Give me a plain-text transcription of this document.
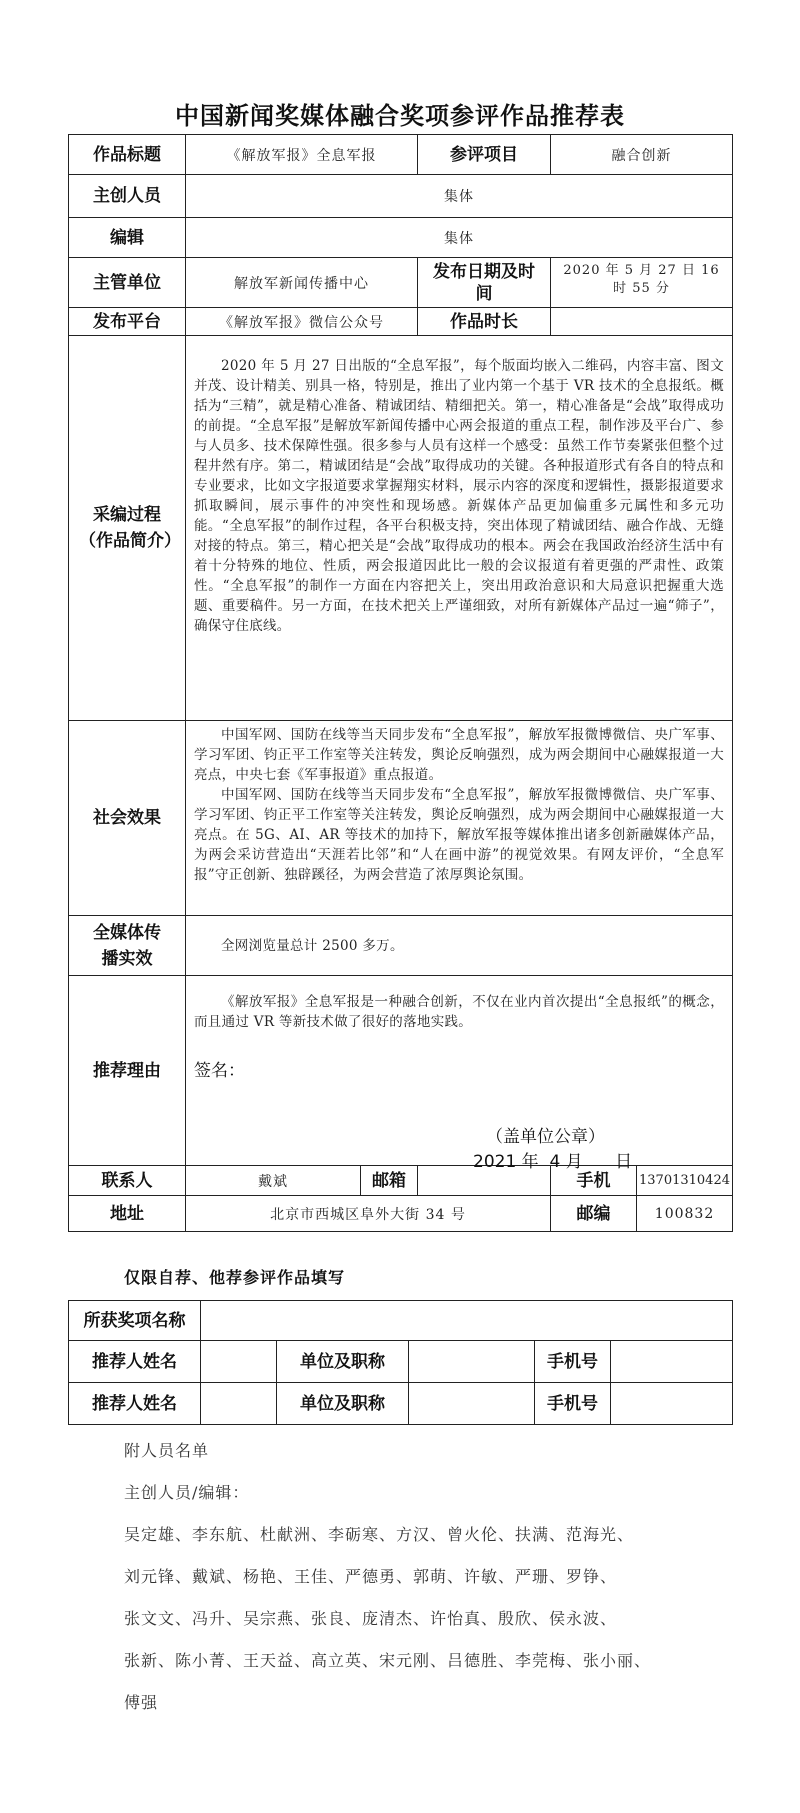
中国新闻奖媒体融合奖项参评作品推荐表
作品标题	《解放军报》全息军报		参评项目	融合创新	
主创人员	集体				
编辑	集体				
主管单位	解放军新闻传播中心		发布日期及时间	2020 年 5 月 27 日 16 时 55 分	
发布平台	《解放军报》微信公众号		作品时长		
采编过程（作品简介）	2020 年 5 月 27 日出版的“全息军报”，每个版面均嵌入二维码，内容丰富、图文并茂、设计精美、别具一格，特别是，推出了业内第一个基于 VR 技术的全息报纸。概括为“三精”，就是精心准备、精诚团结、精细把关。第一，精心准备是“会战”取得成功的前提。“全息军报”是解放军新闻传播中心两会报道的重点工程，制作涉及平台广、参与人员多、技术保障性强。很多参与人员有这样一个感受：虽然工作节奏紧张但整个过程井然有序。第二，精诚团结是“会战”取得成功的关键。各种报道形式有各自的特点和专业要求，比如文字报道要求掌握翔实材料，展示内容的深度和逻辑性，摄影报道要求抓取瞬间，展示事件的冲突性和现场感。新媒体产品更加偏重多元属性和多元功能。“全息军报”的制作过程，各平台积极支持，突出体现了精诚团结、融合作战、无缝对接的特点。第三，精心把关是“会战”取得成功的根本。两会在我国政治经济生活中有着十分特殊的地位、性质，两会报道因此比一般的会议报道有着更强的严肃性、政策性。“全息军报”的制作一方面在内容把关上，突出用政治意识和大局意识把握重大选题、重要稿件。另一方面，在技术把关上严谨细致，对所有新媒体产品过一遍“筛子”，确保守住底线。				

社会效果	中国军网、国防在线等当天同步发布“全息军报”，解放军报微博微信、央广军事、学习军团、钧正平工作室等关注转发，舆论反响强烈，成为两会期间中心融媒报道一大亮点，中央七套《军事报道》重点报道。

中国军网、国防在线等当天同步发布“全息军报”，解放军报微博微信、央广军事、学习军团、钧正平工作室等关注转发，舆论反响强烈，成为两会期间中心融媒报道一大亮点。在 5G、AI、AR 等技术的加持下，解放军报等媒体推出诸多创新融媒体产品，为两会采访营造出“天涯若比邻”和“人在画中游”的视觉效果。有网友评价，“全息军报”守正创新、独辟蹊径，为两会营造了浓厚舆论氛围。				

全媒体传播实效	全网浏览量总计 2500 多万。				

推荐理由	《解放军报》全息军报是一种融合创新，不仅在业内首次提出“全息报纸”的概念，而且通过 VR 等新技术做了很好的落地实践。

签名：
（盖单位公章）
2021 年  4 月      日				

联系人	戴斌	邮箱		手机	13701310424
地址	北京市西城区阜外大街 34 号			邮编	100832
仅限自荐、他荐参评作品填写
所获奖项名称					
推荐人姓名		单位及职称		手机号	
推荐人姓名		单位及职称		手机号	
附人员名单
主创人员/编辑：
吴定雄、李东航、杜献洲、李砺寒、方汉、曾火伦、扶满、范海光、
刘元锋、戴斌、杨艳、王佳、严德勇、郭萌、许敏、严珊、罗铮、
张文文、冯升、吴宗燕、张良、庞清杰、许怡真、殷欣、侯永波、
张新、陈小菁、王天益、高立英、宋元刚、吕德胜、李莞梅、张小丽、
傅强
